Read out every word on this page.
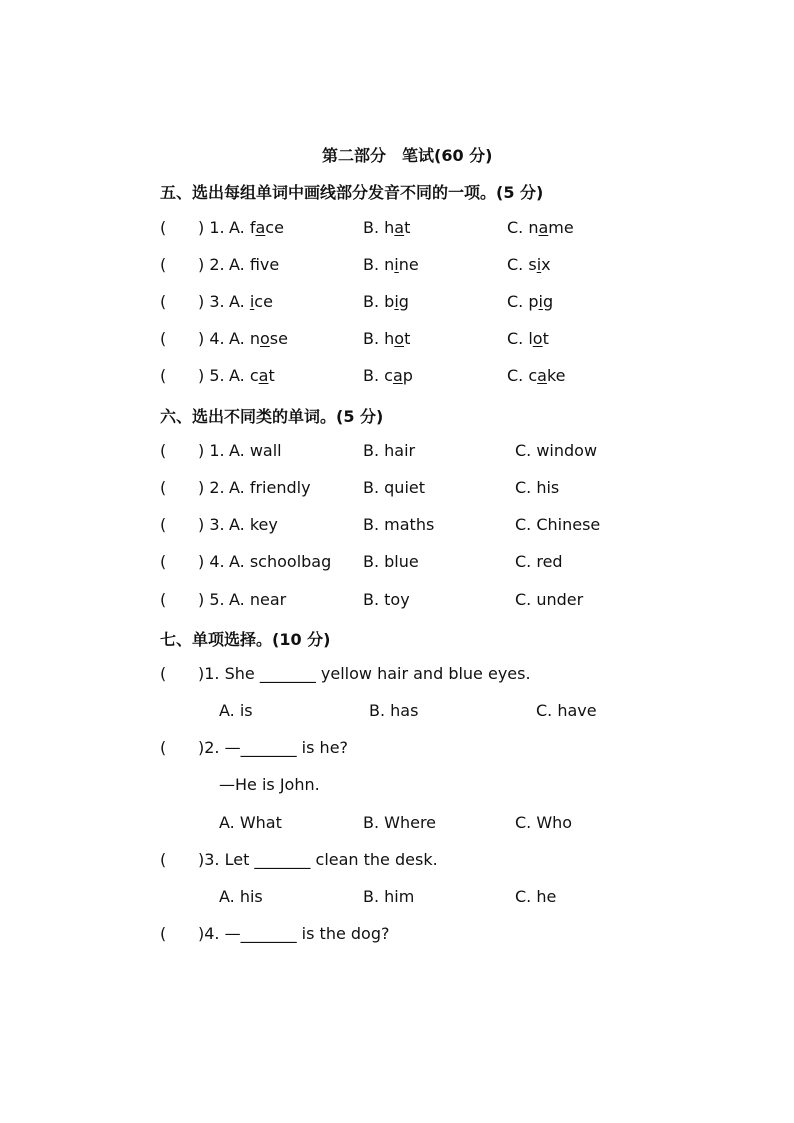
第二部分　笔试(60 分)
五、选出每组单词中画线部分发音不同的一项。(5 分)
( ) 1. A. face	B. hat	C. name
( ) 2. A. fve	B. nine	C. six
( ) 3. A. ice	B. big	C. pig
( ) 4. A. nose	B. hot	C. lot
( ) 5. A. cat	B. cap	C. cake
六、选出不同类的单词。(5 分)
( ) 1. A. wall	B. hair	C. window
( ) 2. A. friendly	B. quiet	C. his
( ) 3. A. key	B. maths	C. Chinese
( ) 4. A. schoolbag B. blue	C. red
( ) 5. A. near	B. toy	C. under
七、单项选择。(10 分)
( )1. She _______ yellow hair and blue eyes.
A. is	B. has	C. have
( )2. —_______ is he?
—He is John.
A. What	B. Where	C. Who
( )3. Let _______ clean the desk.
A. his	B. him	C. he
( )4. —_______ is the dog?
